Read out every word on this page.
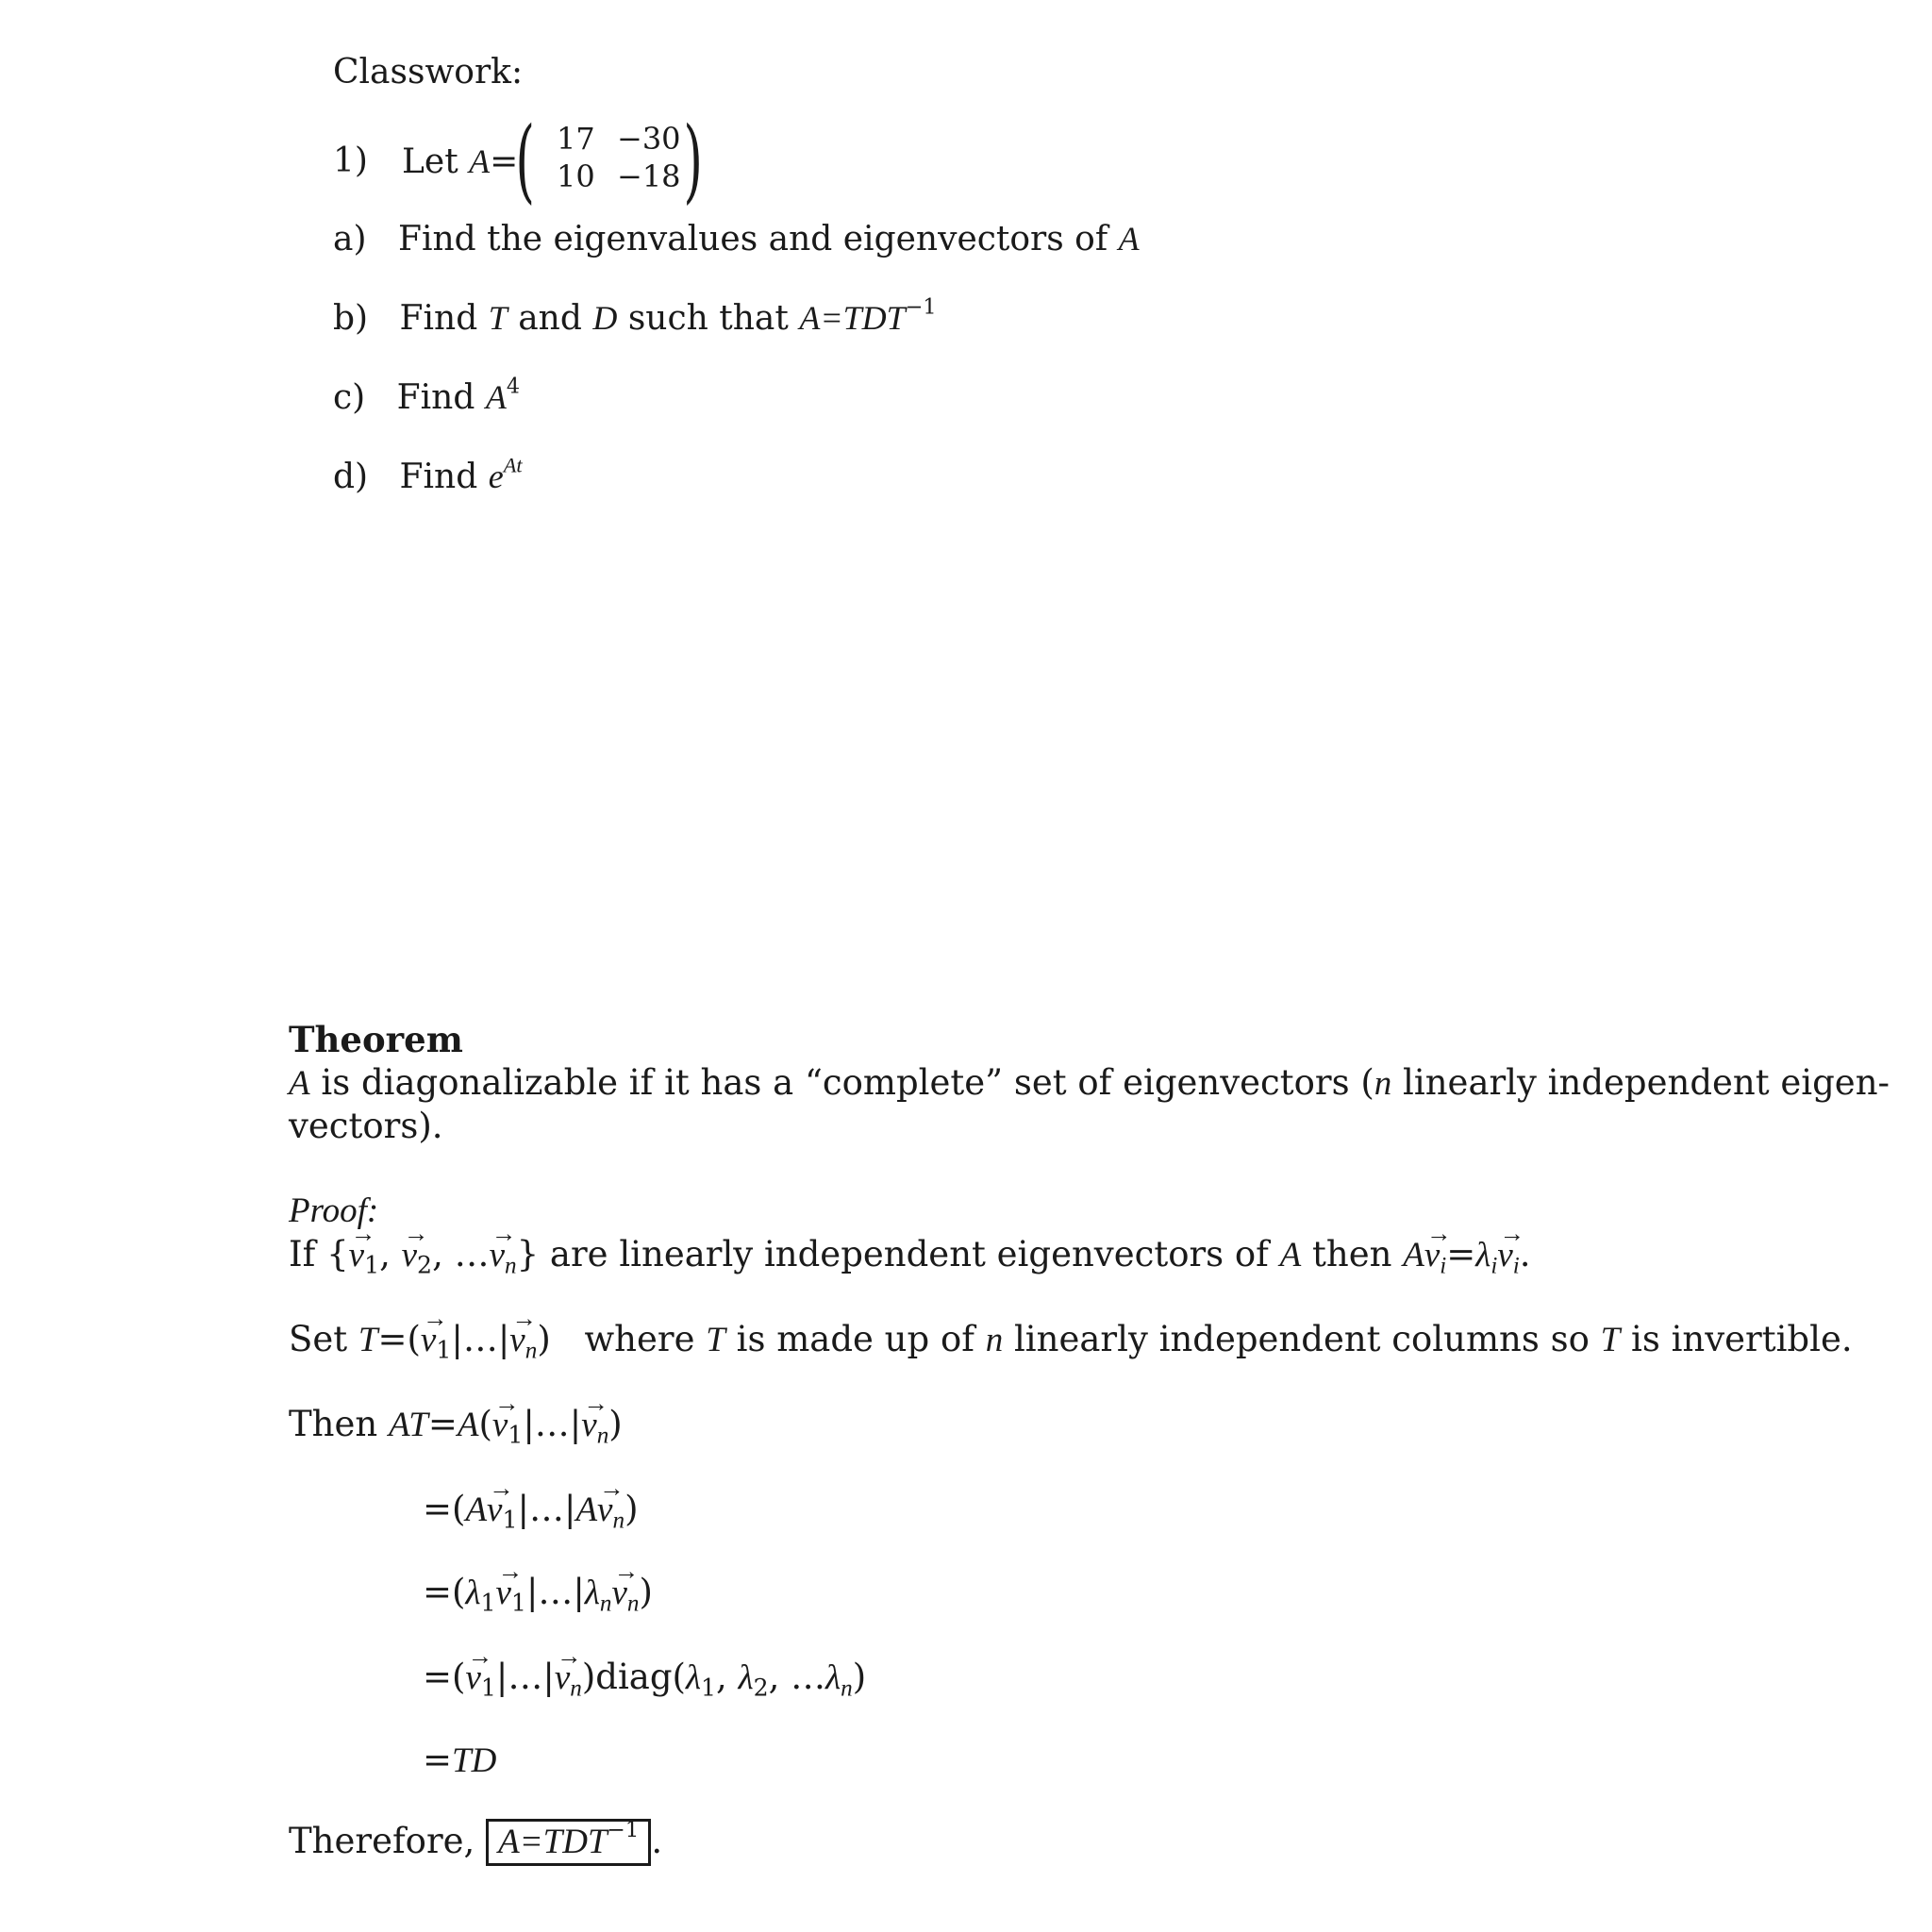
Classwork:
1) Let A=
( 17 −30
10 −18 )
a) Find the eigenvalues and eigenvectors of A
b) Find T and D such that $A=TDT^{-1}$
c) Find $A^4$
d) Find $e^{At}$
Theorem
A is diagonalizable if it has a “complete” set of eigenvectors (n linearly independent eigen-
vectors).
Proof:
If {→ $v_1$, → $v_2$, …→ $v_n$} are linearly independent eigenvectors of A then $A\to v_i=\lambda_i\to v_i$.
Set $T=(\to v_1|\dots|\to v_n)$ where T is made up of n linearly independent columns so T is invertible.
Then $AT=A(\to v_1|\dots|\to v_n)$
$=(A\to v_1|\dots|A\to v_n)$
$=(\lambda_1\to$ $v_1|\dots|\lambda_n\to v_n$)
=(→ $v_1|\dots|\to$ $v_n)diag(\lambda_1$, $\lambda_2$, $\dots\lambda_n$)
=TD
Therefore, $A=TDT^{-1}$ .
